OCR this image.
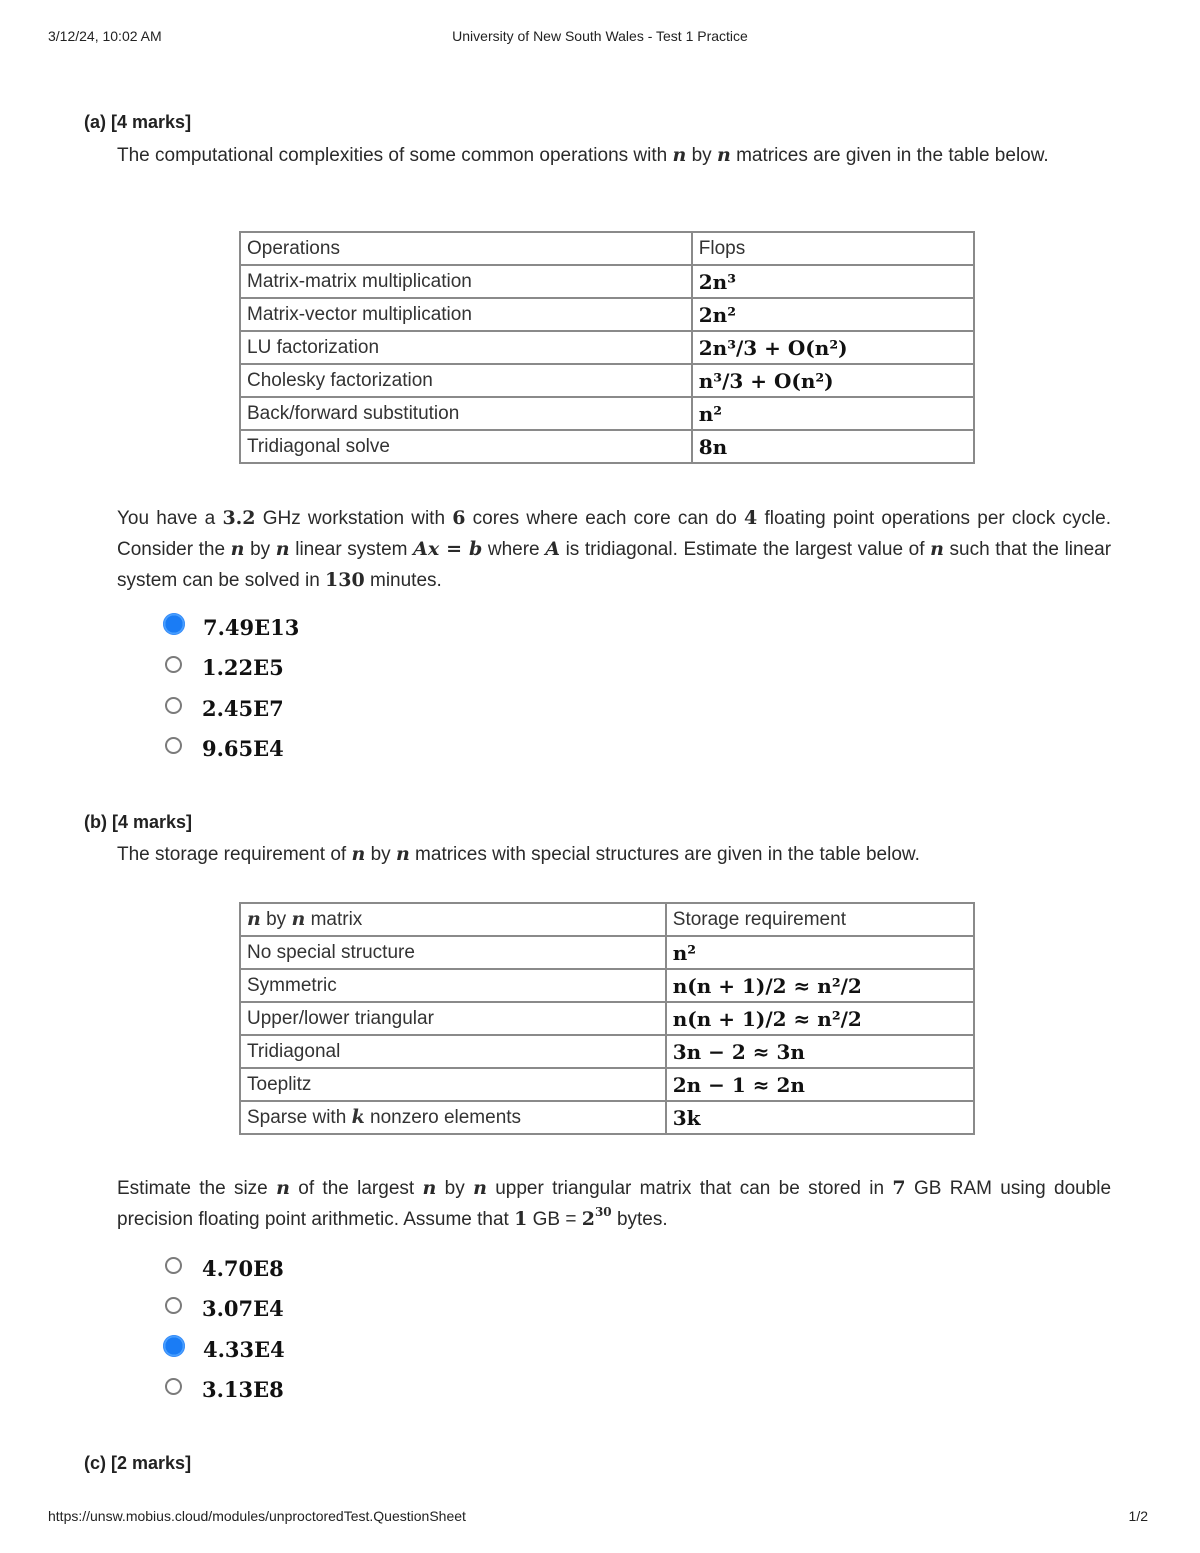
3/12/24, 10:02 AM	University of New South Wales - Test 1 Practice
(a) [4 marks]
The computational complexities of some common operations with n by n matrices are given in the table below.
Operations	Flops
Matrix-matrix multiplication	2n³
Matrix-vector multiplication	2n²
LU factorization	2n³/3 + O(n²)
Cholesky factorization	n³/3 + O(n²)
Back/forward substitution	n²
Tridiagonal solve	8n
You have a 3.2 GHz workstation with 6 cores where each core can do 4 floating point operations per clock cycle. Consider the n by n linear system Ax = b where A is tridiagonal. Estimate the largest value of n such that the linear system can be solved in 130 minutes.
7.49E13
1.22E5
2.45E7
9.65E4
(b) [4 marks]
The storage requirement of n by n matrices with special structures are given in the table below.
n by n matrix	Storage requirement
No special structure	n²
Symmetric	n(n + 1)/2 ≈ n²/2
Upper/lower triangular	n(n + 1)/2 ≈ n²/2
Tridiagonal	3n − 2 ≈ 3n
Toeplitz	2n − 1 ≈ 2n
Sparse with k nonzero elements	3k
Estimate the size n of the largest n by n upper triangular matrix that can be stored in 7 GB RAM using double precision floating point arithmetic. Assume that 1 GB = $2^{30}$ bytes.
4.70E8
3.07E4
4.33E4
3.13E8
(c) [2 marks]
https://unsw.mobius.cloud/modules/unproctoredTest.QuestionSheet	1/2
